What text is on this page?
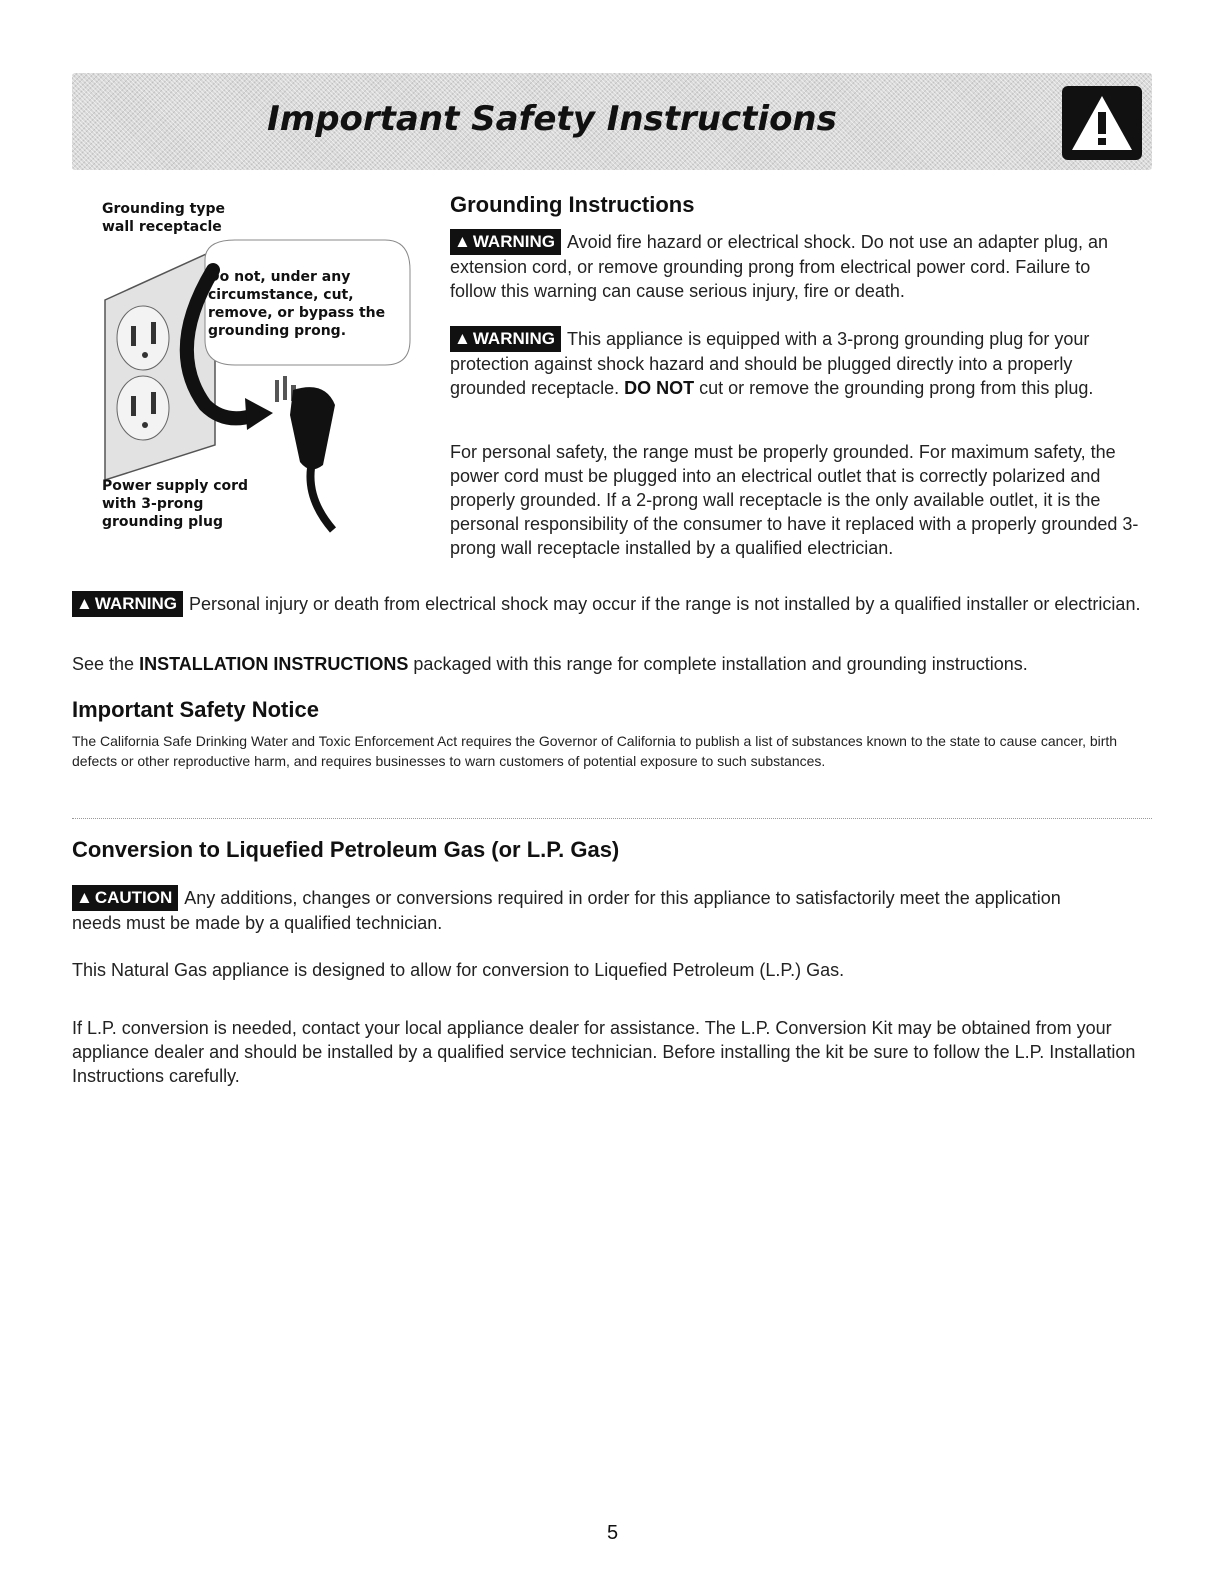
Important Safety Instructions
Grounding type wall receptacle
Do not, under any circumstance, cut, remove, or bypass the grounding prong.
Power supply cord with 3-prong grounding plug
Grounding Instructions
▲ WARNING Avoid fire hazard or electrical shock. Do not use an adapter plug, an extension cord, or remove grounding prong from electrical power cord. Failure to follow this warning can cause serious injury, fire or death.
▲ WARNING This appliance is equipped with a 3-prong grounding plug for your protection against shock hazard and should be plugged directly into a properly grounded receptacle. DO NOT cut or remove the grounding prong from this plug.
For personal safety, the range must be properly grounded. For maximum safety, the power cord must be plugged into an electrical outlet that is correctly polarized and properly grounded. If a 2-prong wall receptacle is the only available outlet, it is the personal responsibility of the consumer to have it replaced with a properly grounded 3-prong wall receptacle installed by a qualified electrician.
▲ WARNING Personal injury or death from electrical shock may occur if the range is not installed by a qualified installer or electrician.
See the INSTALLATION INSTRUCTIONS packaged with this range for complete installation and grounding instructions.
Important Safety Notice
The California Safe Drinking Water and Toxic Enforcement Act requires the Governor of California to publish a list of substances known to the state to cause cancer, birth defects or other reproductive harm, and requires businesses to warn customers of potential exposure to such substances.
Conversion to Liquefied Petroleum Gas (or L.P. Gas)
▲ CAUTION Any additions, changes or conversions required in order for this appliance to satisfactorily meet the application needs must be made by a qualified technician.
This Natural Gas appliance is designed to allow for conversion to Liquefied Petroleum (L.P.) Gas.
If L.P. conversion is needed, contact your local appliance dealer for assistance. The L.P. Conversion Kit may be obtained from your appliance dealer and should be installed by a qualified service technician. Before installing the kit be sure to follow the L.P. Installation Instructions carefully.
5
